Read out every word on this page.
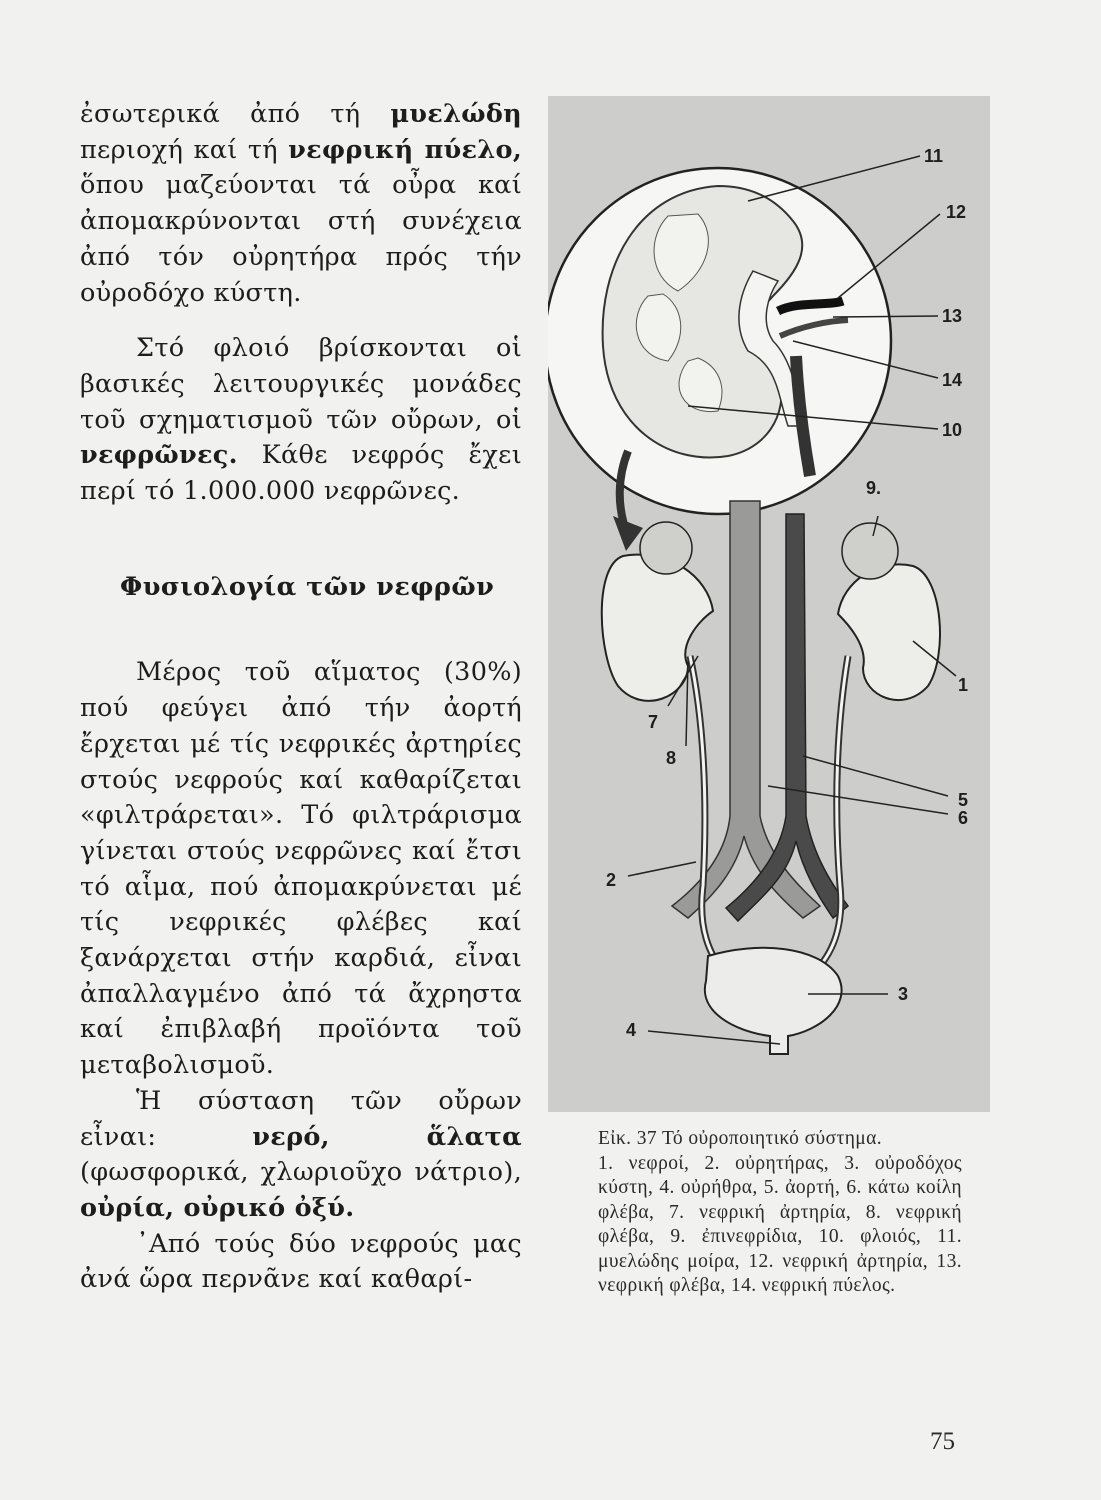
ἐσωτερικά ἀπό τή μυελώδη περιοχή καί τή νεφρική πύελο, ὅπου μαζεύονται τά οὖρα καί ἀπομακρύνονται στή συνέχεια ἀπό τόν οὐρητήρα πρός τήν οὐροδόχο κύστη.

Στό φλοιό βρίσκονται οἱ βασικές λειτουργικές μονάδες τοῦ σχηματισμοῦ τῶν οὔρων, οἱ νεφρῶνες. Κάθε νεφρός ἔχει περί τό 1.000.000 νεφρῶνες.

Φυσιολογία τῶν νεφρῶν

Μέρος τοῦ αἵματος (30%) πού φεύγει ἀπό τήν ἀορτή ἔρχεται μέ τίς νεφρικές ἀρτηρίες στούς νεφρούς καί καθαρίζεται «φιλτράρεται». Τό φιλτράρισμα γίνεται στούς νεφρῶνες καί ἔτσι τό αἷμα, πού ἀπομακρύνεται μέ τίς νεφρικές φλέβες καί ξανάρχεται στήν καρδιά, εἶναι ἀπαλλαγμένο ἀπό τά ἄχρηστα καί ἐπιβλαβή προϊόντα τοῦ μεταβολισμοῦ.

Ἡ σύσταση τῶν οὔρων εἶναι: νερό, ἅλατα (φωσφορικά, χλωριοῦχο νάτριο), οὐρία, οὐρικό ὀξύ.

᾿Από τούς δύο νεφρούς μας ἀνά ὥρα περνᾶνε καί καθαρί-

11
12
13
14
10
9.
1
7
8
5
6
2
3
4

Εἰκ. 37 Τό οὐροποιητικό σύστημα.

1. νεφροί, 2. οὐρητήρας, 3. οὐροδόχος κύστη, 4. οὐρήθρα, 5. ἀορτή, 6. κάτω κοίλη φλέβα, 7. νεφρική ἀρτηρία, 8. νεφρική φλέβα, 9. ἐπινεφρίδια, 10. φλοιός, 11. μυελώδης μοίρα, 12. νεφρική ἀρτηρία, 13. νεφρική φλέβα, 14. νεφρική πύελος.

75
